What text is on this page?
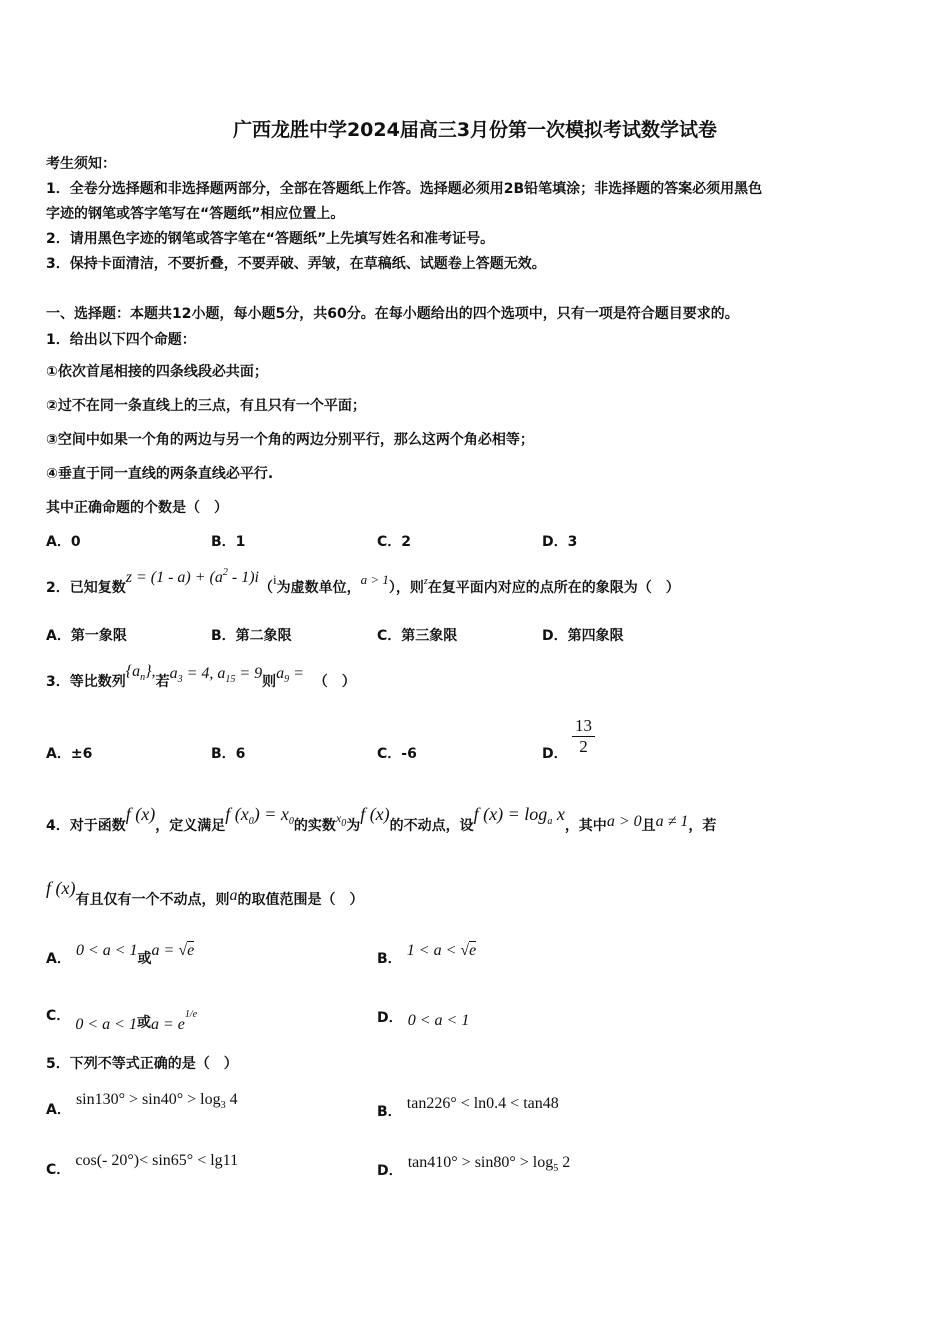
广西龙胜中学2024届高三3月份第一次模拟考试数学试卷
考生须知：
1．全卷分选择题和非选择题两部分，全部在答题纸上作答。选择题必须用2B铅笔填涂；非选择题的答案必须用黑色
字迹的钢笔或答字笔写在“答题纸”相应位置上。
2．请用黑色字迹的钢笔或答字笔在“答题纸”上先填写姓名和准考证号。
3．保持卡面清洁，不要折叠，不要弄破、弄皱，在草稿纸、试题卷上答题无效。
一、选择题：本题共12小题，每小题5分，共60分。在每小题给出的四个选项中，只有一项是符合题目要求的。
1．给出以下四个命题：
①依次首尾相接的四条线段必共面；
②过不在同一条直线上的三点，有且只有一个平面；
③空间中如果一个角的两边与另一个角的两边分别平行，那么这两个角必相等；
④垂直于同一直线的两条直线必平行.
其中正确命题的个数是（　）
A．0	B．1	C．2	D．3
2．已知复数$z = (1 - a) + (a^2 - 1)i(i$为虚数单位，a > 1），则$^z$在复平面内对应的点所在的象限为（　）
A．第一象限	B．第二象限	C．第三象限	D．第四象限
3．等比数列$\{a_n\}$,若$a_3 = 4$, $a_{15} = 9$则$a_9$ = （　）
A．±6	B．6	C．-6	D． $\frac{13}{2}$
4．对于函数f (x)，定义满足f $(x_0) = x_0$的实数$x_0$为f (x)的不动点，设f $(x) = \log_a x$，其中a > 0且a ≠ 1，若
f (x)有且仅有一个不动点，则a的取值范围是（　）
A． 0 < a < 1或a = √e	B． 1 < a < √e
C． 0 < a < 1或$a = e^{1/e}$	D． 0 < a < 1
5．下列不等式正确的是（　）
A． $\sin 130^\circ > \sin 40^\circ > \log_3 4$
B． tan226° < ln0.4 < tan48
C． cos(- 20°)< sin65° < lg11
D． $\tan 410^\circ > \sin 80^\circ > \log_5 2$
